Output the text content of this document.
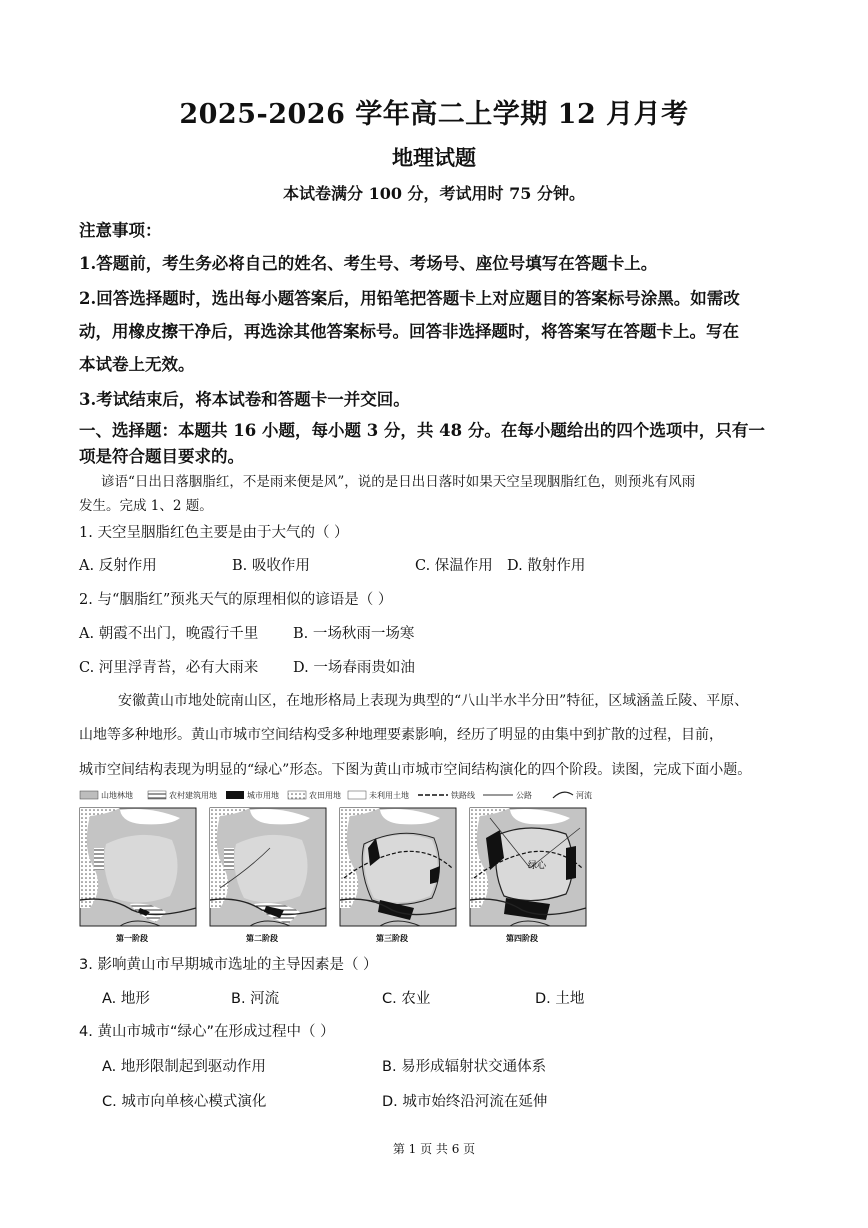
2025-2026 学年高二上学期 12 月月考
地理试题
本试卷满分 100 分，考试用时 75 分钟。
注意事项：
1.答题前，考生务必将自己的姓名、考生号、考场号、座位号填写在答题卡上。
2.回答选择题时，选出每小题答案后，用铅笔把答题卡上对应题目的答案标号涂黑。如需改
动，用橡皮擦干净后，再选涂其他答案标号。回答非选择题时，将答案写在答题卡上。写在
本试卷上无效。
3.考试结束后，将本试卷和答题卡一并交回。
一、选择题：本题共 16 小题，每小题 3 分，共 48 分。在每小题给出的四个选项中，只有一
项是符合题目要求的。
谚语“日出日落胭脂红，不是雨来便是风”，说的是日出日落时如果天空呈现胭脂红色，则预兆有风雨
发生。完成 1、2 题。
1. 天空呈胭脂红色主要是由于大气的（ ）
A. 反射作用	B. 吸收作用	C. 保温作用 D. 散射作用
2. 与“胭脂红”预兆天气的原理相似的谚语是（ ）
A. 朝霞不出门，晚霞行千里 B. 一场秋雨一场寒
C. 河里浮青苔，必有大雨来 D. 一场春雨贵如油
安徽黄山市地处皖南山区，在地形格局上表现为典型的“八山半水半分田”特征，区域涵盖丘陵、平原、
山地等多种地形。黄山市城市空间结构受多种地理要素影响，经历了明显的由集中到扩散的过程，目前，
城市空间结构表现为明显的“绿心”形态。下图为黄山市城市空间结构演化的四个阶段。读图，完成下面小题。
山地林地	农村建筑用地	城市用地	农田用地	未利用土地	铁路线	公路	河流
第一阶段	第二阶段	第三阶段
绿心
第四阶段
3. 影响黄山市早期城市选址的主导因素是（ ）
A. 地形	B. 河流	C. 农业	D. 土地
4. 黄山市城市“绿心”在形成过程中（ ）
A. 地形限制起到驱动作用	B. 易形成辐射状交通体系
C. 城市向单核心模式演化	D. 城市始终沿河流在延伸
第 1 页 共 6 页
